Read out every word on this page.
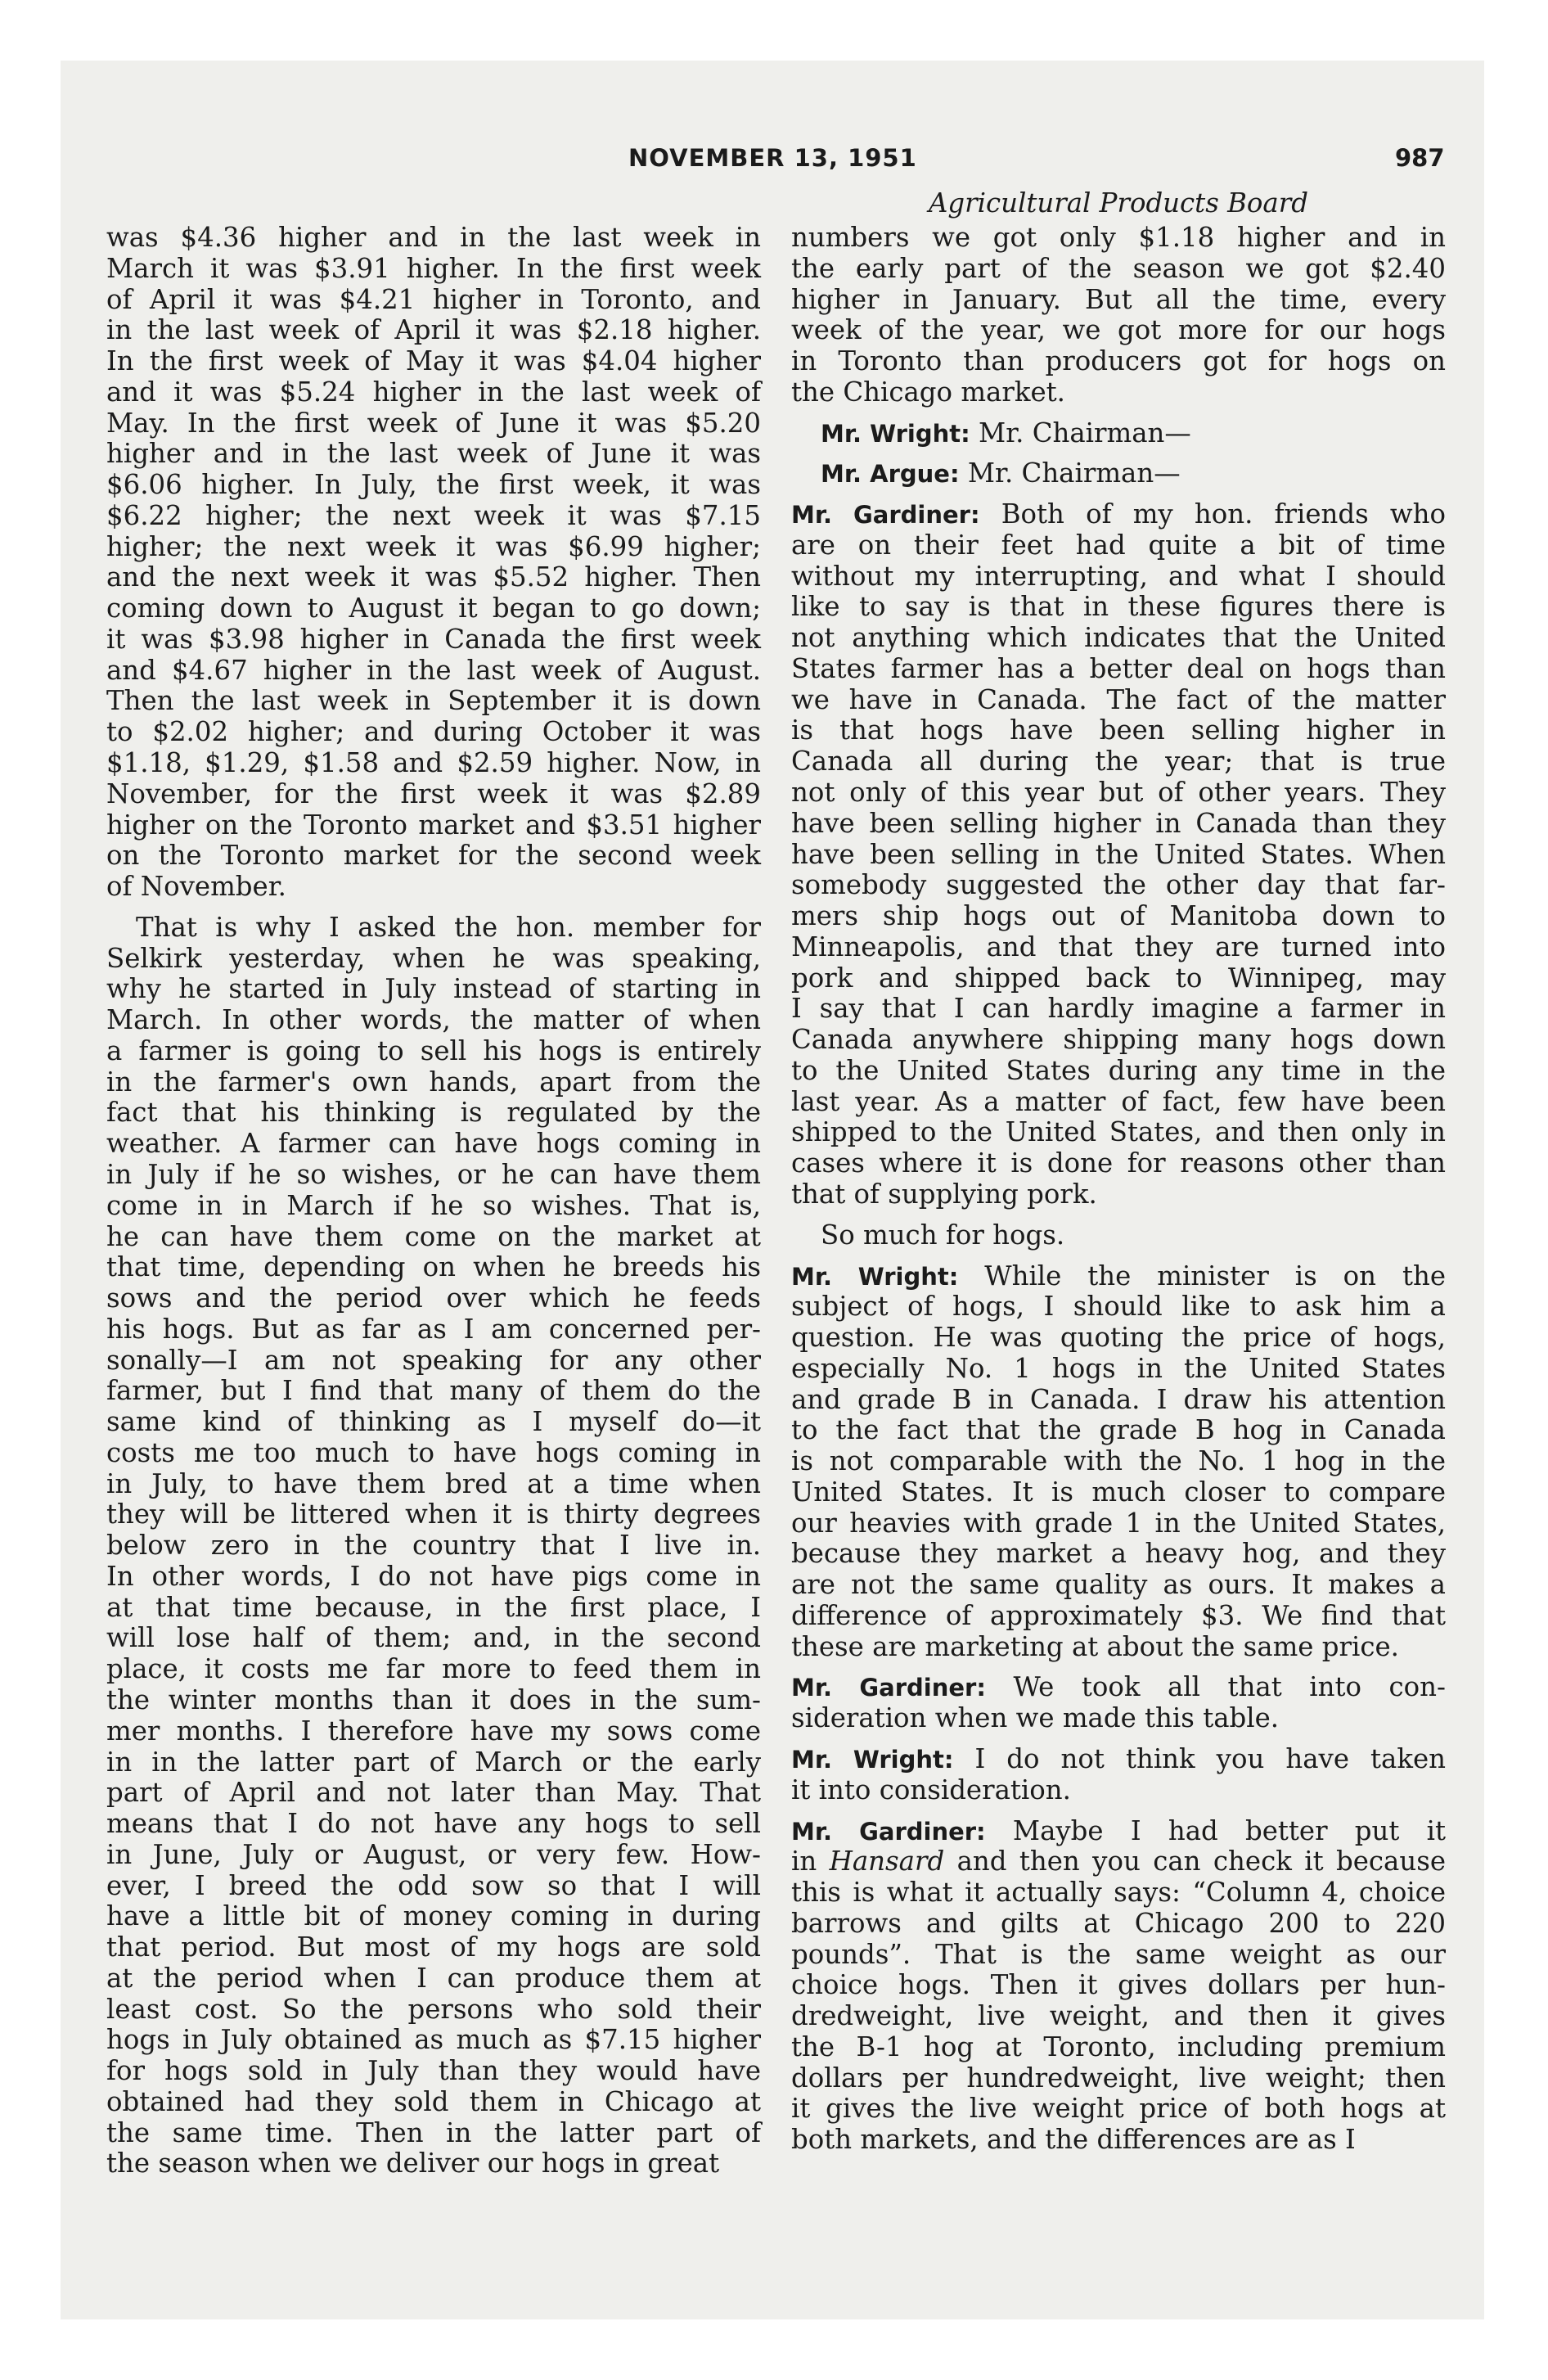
NOVEMBER 13, 1951	987

was $4.36 higher and in the last week in
March it was $3.91 higher. In the first week
of April it was $4.21 higher in Toronto, and
in the last week of April it was $2.18 higher.
In the first week of May it was $4.04 higher
and it was $5.24 higher in the last week of
May. In the first week of June it was $5.20
higher and in the last week of June it was
$6.06 higher. In July, the first week, it was
$6.22 higher; the next week it was $7.15
higher; the next week it was $6.99 higher;
and the next week it was $5.52 higher. Then
coming down to August it began to go down;
it was $3.98 higher in Canada the first week
and $4.67 higher in the last week of August.
Then the last week in September it is down
to $2.02 higher; and during October it was
$1.18, $1.29, $1.58 and $2.59 higher. Now, in
November, for the first week it was $2.89
higher on the Toronto market and $3.51 higher
on the Toronto market for the second week
of November.

That is why I asked the hon. member for
Selkirk yesterday, when he was speaking,
why he started in July instead of starting in
March. In other words, the matter of when
a farmer is going to sell his hogs is entirely
in the farmer's own hands, apart from the
fact that his thinking is regulated by the
weather. A farmer can have hogs coming in
in July if he so wishes, or he can have them
come in in March if he so wishes. That is,
he can have them come on the market at
that time, depending on when he breeds his
sows and the period over which he feeds
his hogs. But as far as I am concerned per-
sonally—I am not speaking for any other
farmer, but I find that many of them do the
same kind of thinking as I myself do—it
costs me too much to have hogs coming in
in July, to have them bred at a time when
they will be littered when it is thirty degrees
below zero in the country that I live in.
In other words, I do not have pigs come in
at that time because, in the first place, I
will lose half of them; and, in the second
place, it costs me far more to feed them in
the winter months than it does in the sum-
mer months. I therefore have my sows come
in in the latter part of March or the early
part of April and not later than May. That
means that I do not have any hogs to sell
in June, July or August, or very few. How-
ever, I breed the odd sow so that I will
have a little bit of money coming in during
that period. But most of my hogs are sold
at the period when I can produce them at
least cost. So the persons who sold their
hogs in July obtained as much as $7.15 higher
for hogs sold in July than they would have
obtained had they sold them in Chicago at
the same time. Then in the latter part of
the season when we deliver our hogs in great

numbers we got only $1.18 higher and in
the early part of the season we got $2.40
higher in January. But all the time, every
week of the year, we got more for our hogs
in Toronto than producers got for hogs on
the Chicago market.

Mr. Wright: Mr. Chairman—

Mr. Argue: Mr. Chairman—

Mr. Gardiner: Both of my hon. friends who
are on their feet had quite a bit of time
without my interrupting, and what I should
like to say is that in these figures there is
not anything which indicates that the United
States farmer has a better deal on hogs than
we have in Canada. The fact of the matter
is that hogs have been selling higher in
Canada all during the year; that is true
not only of this year but of other years. They
have been selling higher in Canada than they
have been selling in the United States. When
somebody suggested the other day that far-
mers ship hogs out of Manitoba down to
Minneapolis, and that they are turned into
pork and shipped back to Winnipeg, may
I say that I can hardly imagine a farmer in
Canada anywhere shipping many hogs down
to the United States during any time in the
last year. As a matter of fact, few have been
shipped to the United States, and then only in
cases where it is done for reasons other than
that of supplying pork.

So much for hogs.

Mr. Wright: While the minister is on the
subject of hogs, I should like to ask him a
question. He was quoting the price of hogs,
especially No. 1 hogs in the United States
and grade B in Canada. I draw his attention
to the fact that the grade B hog in Canada
is not comparable with the No. 1 hog in the
United States. It is much closer to compare
our heavies with grade 1 in the United States,
because they market a heavy hog, and they
are not the same quality as ours. It makes a
difference of approximately $3. We find that
these are marketing at about the same price.

Mr. Gardiner: We took all that into con-
sideration when we made this table.

Mr. Wright: I do not think you have taken
it into consideration.

Mr. Gardiner: Maybe I had better put it
in Hansard and then you can check it because
this is what it actually says: “Column 4, choice
barrows and gilts at Chicago 200 to 220
pounds”. That is the same weight as our
choice hogs. Then it gives dollars per hun-
dredweight, live weight, and then it gives
the B-1 hog at Toronto, including premium
dollars per hundredweight, live weight; then
it gives the live weight price of both hogs at
both markets, and the differences are as I
